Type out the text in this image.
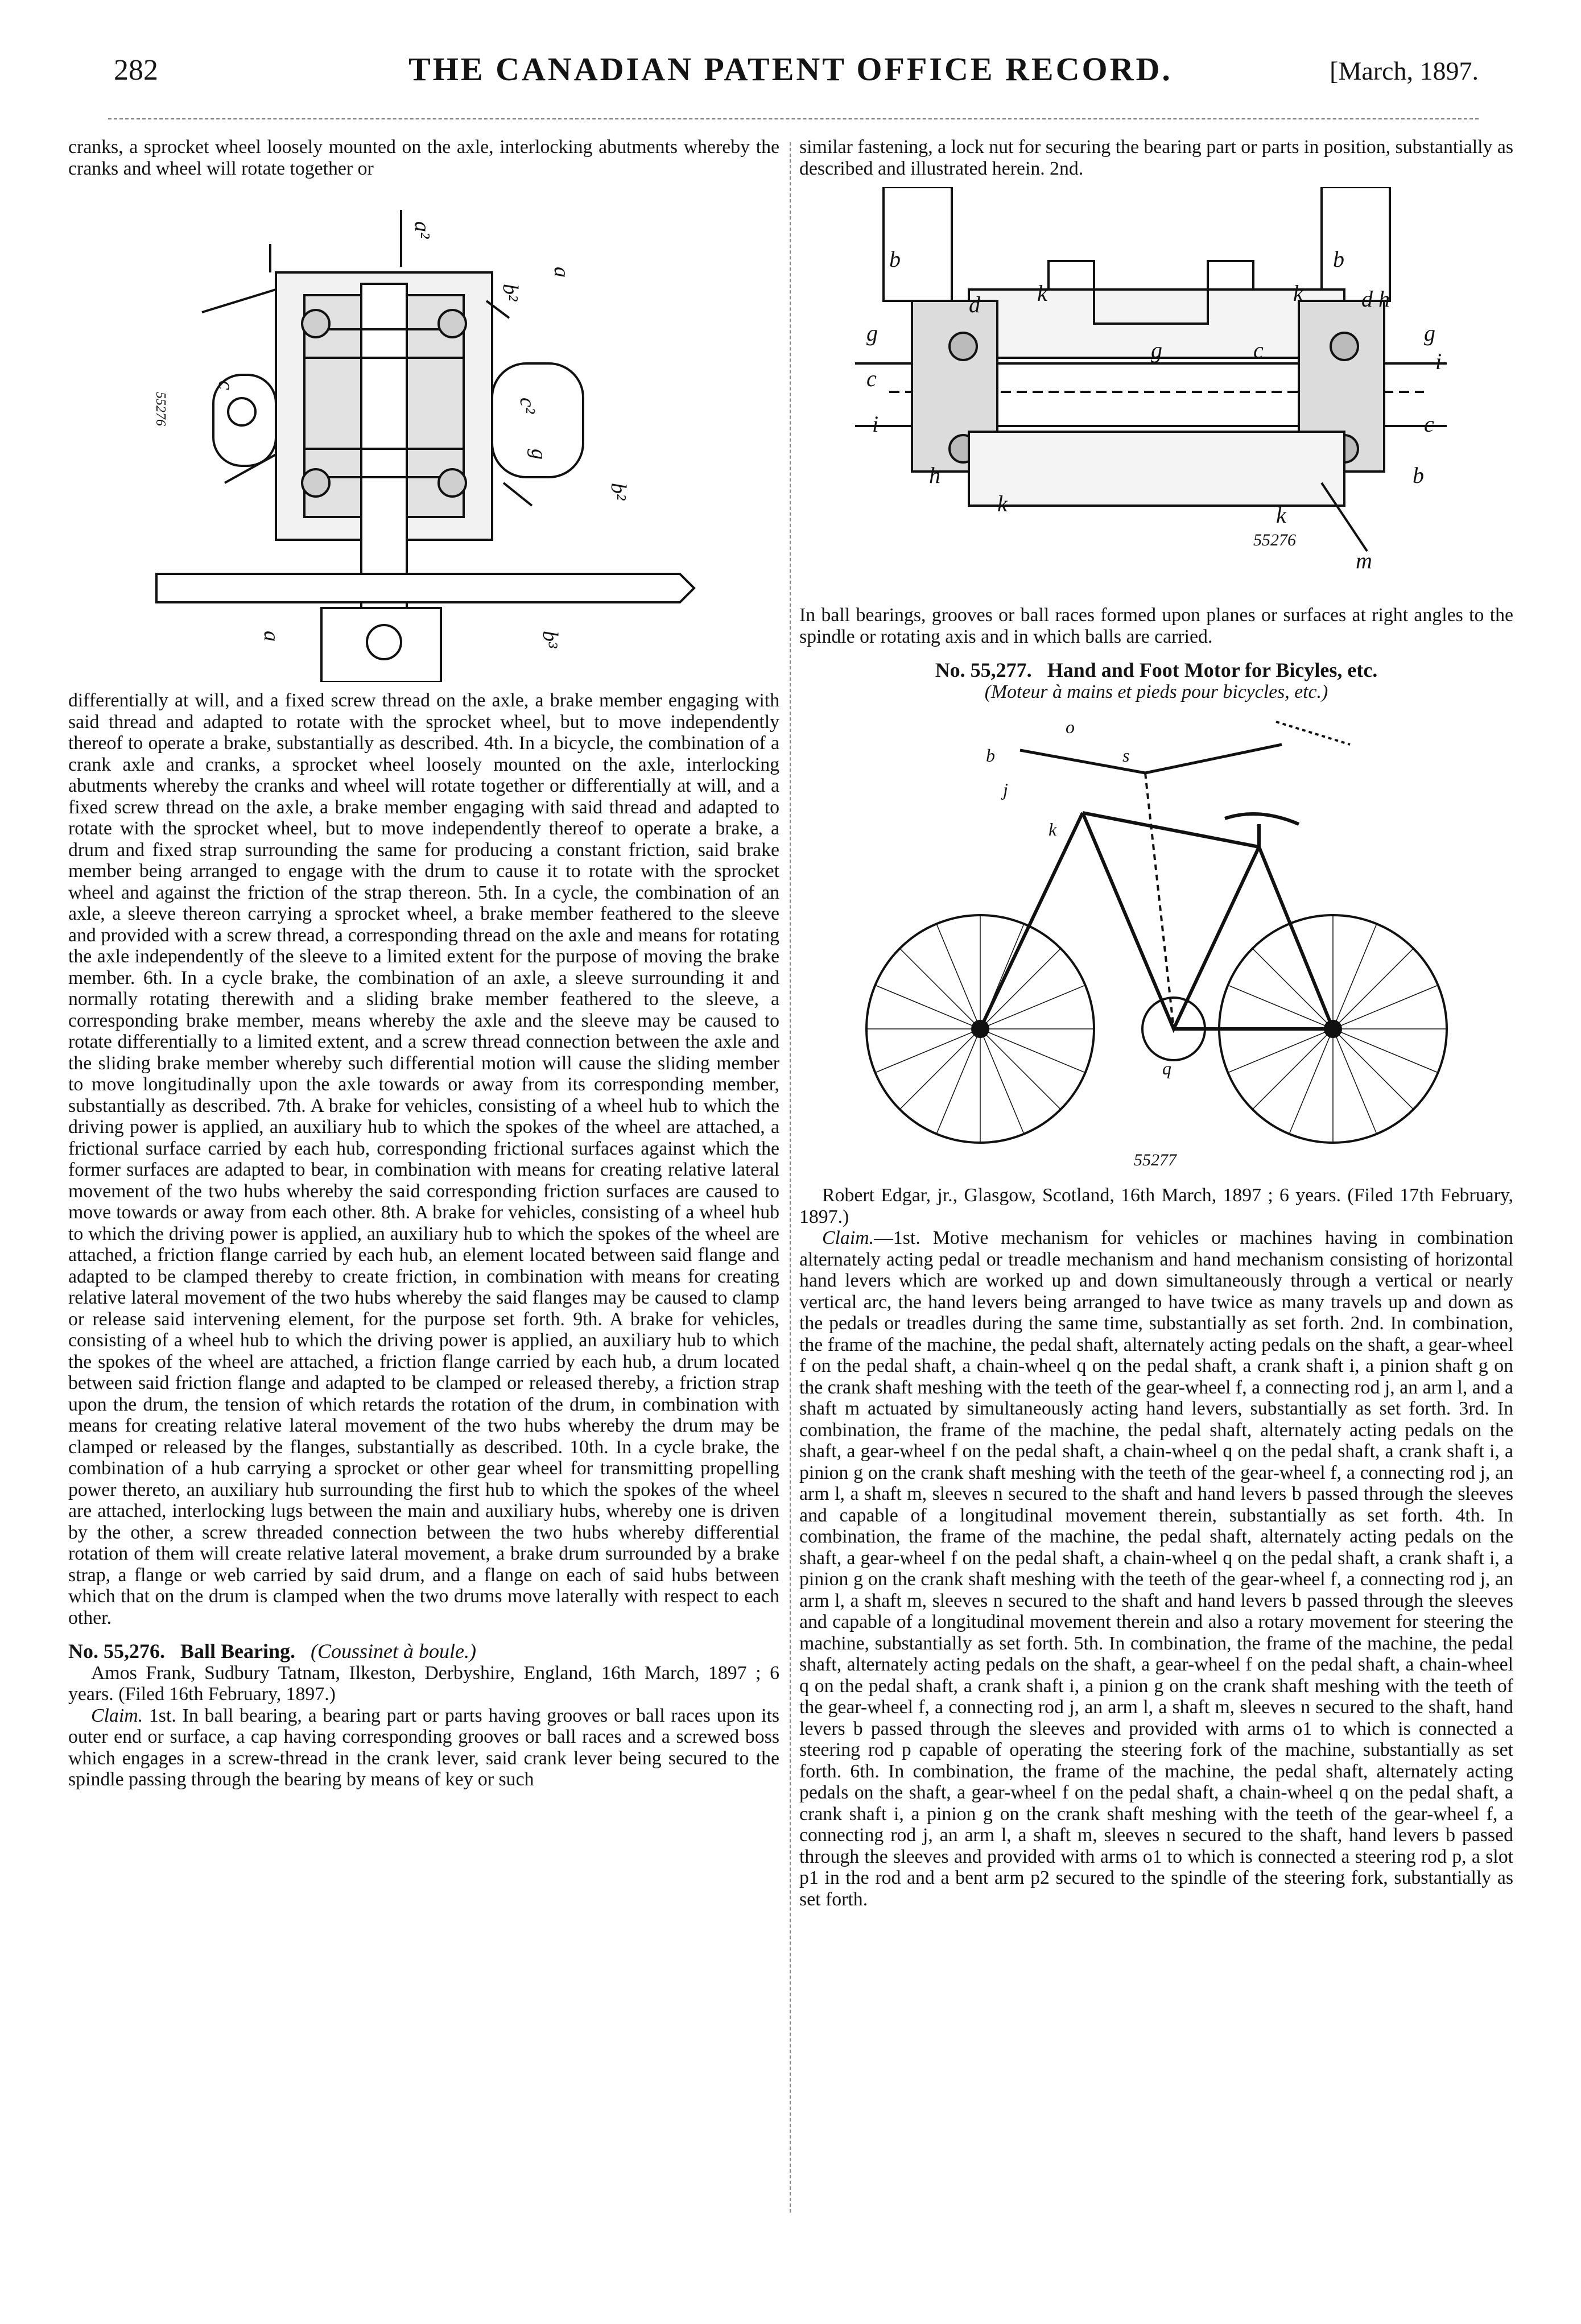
282	THE CANADIAN PATENT OFFICE RECORD.	[March, 1897.

cranks, a sprocket wheel loosely mounted on the axle, interlocking abutments whereby the cranks and wheel will rotate together or

a²
b²
a
c
c²
g
b²
a	b³
55276

differentially at will, and a fixed screw thread on the axle, a brake member engaging with said thread and adapted to rotate with the sprocket wheel, but to move independently thereof to operate a brake, substantially as described. 4th. In a bicycle, the combination of a crank axle and cranks, a sprocket wheel loosely mounted on the axle, interlocking abutments whereby the cranks and wheel will rotate together or differentially at will, and a fixed screw thread on the axle, a brake member engaging with said thread and adapted to rotate with the sprocket wheel, but to move independently thereof to operate a brake, a drum and fixed strap surrounding the same for producing a constant friction, said brake member being arranged to engage with the drum to cause it to rotate with the sprocket wheel and against the friction of the strap thereon. 5th. In a cycle, the combination of an axle, a sleeve thereon carrying a sprocket wheel, a brake member feathered to the sleeve and provided with a screw thread, a corresponding thread on the axle and means for rotating the axle independently of the sleeve to a limited extent for the purpose of moving the brake member. 6th. In a cycle brake, the combination of an axle, a sleeve surrounding it and normally rotating therewith and a sliding brake member feathered to the sleeve, a corresponding brake member, means whereby the axle and the sleeve may be caused to rotate differentially to a limited extent, and a screw thread connection between the axle and the sliding brake member whereby such differential motion will cause the sliding member to move longitudinally upon the axle towards or away from its corresponding member, substantially as described. 7th. A brake for vehicles, consisting of a wheel hub to which the driving power is applied, an auxiliary hub to which the spokes of the wheel are attached, a frictional surface carried by each hub, corresponding frictional surfaces against which the former surfaces are adapted to bear, in combination with means for creating relative lateral movement of the two hubs whereby the said corresponding friction surfaces are caused to move towards or away from each other. 8th. A brake for vehicles, consisting of a wheel hub to which the driving power is applied, an auxiliary hub to which the spokes of the wheel are attached, a friction flange carried by each hub, an element located between said flange and adapted to be clamped thereby to create friction, in combination with means for creating relative lateral movement of the two hubs whereby the said flanges may be caused to clamp or release said intervening element, for the purpose set forth. 9th. A brake for vehicles, consisting of a wheel hub to which the driving power is applied, an auxiliary hub to which the spokes of the wheel are attached, a friction flange carried by each hub, a drum located between said friction flange and adapted to be clamped or released thereby, a friction strap upon the drum, the tension of which retards the rotation of the drum, in combination with means for creating relative lateral movement of the two hubs whereby the drum may be clamped or released by the flanges, substantially as described. 10th. In a cycle brake, the combination of a hub carrying a sprocket or other gear wheel for transmitting propelling power thereto, an auxiliary hub surrounding the first hub to which the spokes of the wheel are attached, interlocking lugs between the main and auxiliary hubs, whereby one is driven by the other, a screw threaded connection between the two hubs whereby differential rotation of them will create relative lateral movement, a brake drum surrounded by a brake strap, a flange or web carried by said drum, and a flange on each of said hubs between which that on the drum is clamped when the two drums move laterally with respect to each other.

No. 55,276. Ball Bearing. (Coussinet à boule.)

Amos Frank, Sudbury Tatnam, Ilkeston, Derbyshire, England, 16th March, 1897 ; 6 years. (Filed 16th February, 1897.)

Claim. 1st. In ball bearing, a bearing part or parts having grooves or ball races upon its outer end or surface, a cap having corresponding grooves or ball races and a screwed boss which engages in a screw-thread in the crank lever, said crank lever being secured to the spindle passing through the bearing by means of key or such

similar fastening, a lock nut for securing the bearing part or parts in position, substantially as described and illustrated herein. 2nd.

b
g
c
i
d	k
g	c
k
b
d h
g
i
c
b
h
k	k
m
55276

In ball bearings, grooves or ball races formed upon planes or surfaces at right angles to the spindle or rotating axis and in which balls are carried.

No. 55,277. Hand and Foot Motor for Bicyles, etc.

(Moteur à mains et pieds pour bicycles, etc.)

b
o
s
j
k
q
55277

Robert Edgar, jr., Glasgow, Scotland, 16th March, 1897 ; 6 years. (Filed 17th February, 1897.)

Claim.—1st. Motive mechanism for vehicles or machines having in combination alternately acting pedal or treadle mechanism and hand mechanism consisting of horizontal hand levers which are worked up and down simultaneously through a vertical or nearly vertical arc, the hand levers being arranged to have twice as many travels up and down as the pedals or treadles during the same time, substantially as set forth. 2nd. In combination, the frame of the machine, the pedal shaft, alternately acting pedals on the shaft, a gear-wheel f on the pedal shaft, a chain-wheel q on the pedal shaft, a crank shaft i, a pinion shaft g on the crank shaft meshing with the teeth of the gear-wheel f, a connecting rod j, an arm l, and a shaft m actuated by simultaneously acting hand levers, substantially as set forth. 3rd. In combination, the frame of the machine, the pedal shaft, alternately acting pedals on the shaft, a gear-wheel f on the pedal shaft, a chain-wheel q on the pedal shaft, a crank shaft i, a pinion g on the crank shaft meshing with the teeth of the gear-wheel f, a connecting rod j, an arm l, a shaft m, sleeves n secured to the shaft and hand levers b passed through the sleeves and capable of a longitudinal movement therein, substantially as set forth. 4th. In combination, the frame of the machine, the pedal shaft, alternately acting pedals on the shaft, a gear-wheel f on the pedal shaft, a chain-wheel q on the pedal shaft, a crank shaft i, a pinion g on the crank shaft meshing with the teeth of the gear-wheel f, a connecting rod j, an arm l, a shaft m, sleeves n secured to the shaft and hand levers b passed through the sleeves and capable of a longitudinal movement therein and also a rotary movement for steering the machine, substantially as set forth. 5th. In combination, the frame of the machine, the pedal shaft, alternately acting pedals on the shaft, a gear-wheel f on the pedal shaft, a chain-wheel q on the pedal shaft, a crank shaft i, a pinion g on the crank shaft meshing with the teeth of the gear-wheel f, a connecting rod j, an arm l, a shaft m, sleeves n secured to the shaft, hand levers b passed through the sleeves and provided with arms o1 to which is connected a steering rod p capable of operating the steering fork of the machine, substantially as set forth. 6th. In combination, the frame of the machine, the pedal shaft, alternately acting pedals on the shaft, a gear-wheel f on the pedal shaft, a chain-wheel q on the pedal shaft, a crank shaft i, a pinion g on the crank shaft meshing with the teeth of the gear-wheel f, a connecting rod j, an arm l, a shaft m, sleeves n secured to the shaft, hand levers b passed through the sleeves and provided with arms o1 to which is connected a steering rod p, a slot p1 in the rod and a bent arm p2 secured to the spindle of the steering fork, substantially as set forth.
